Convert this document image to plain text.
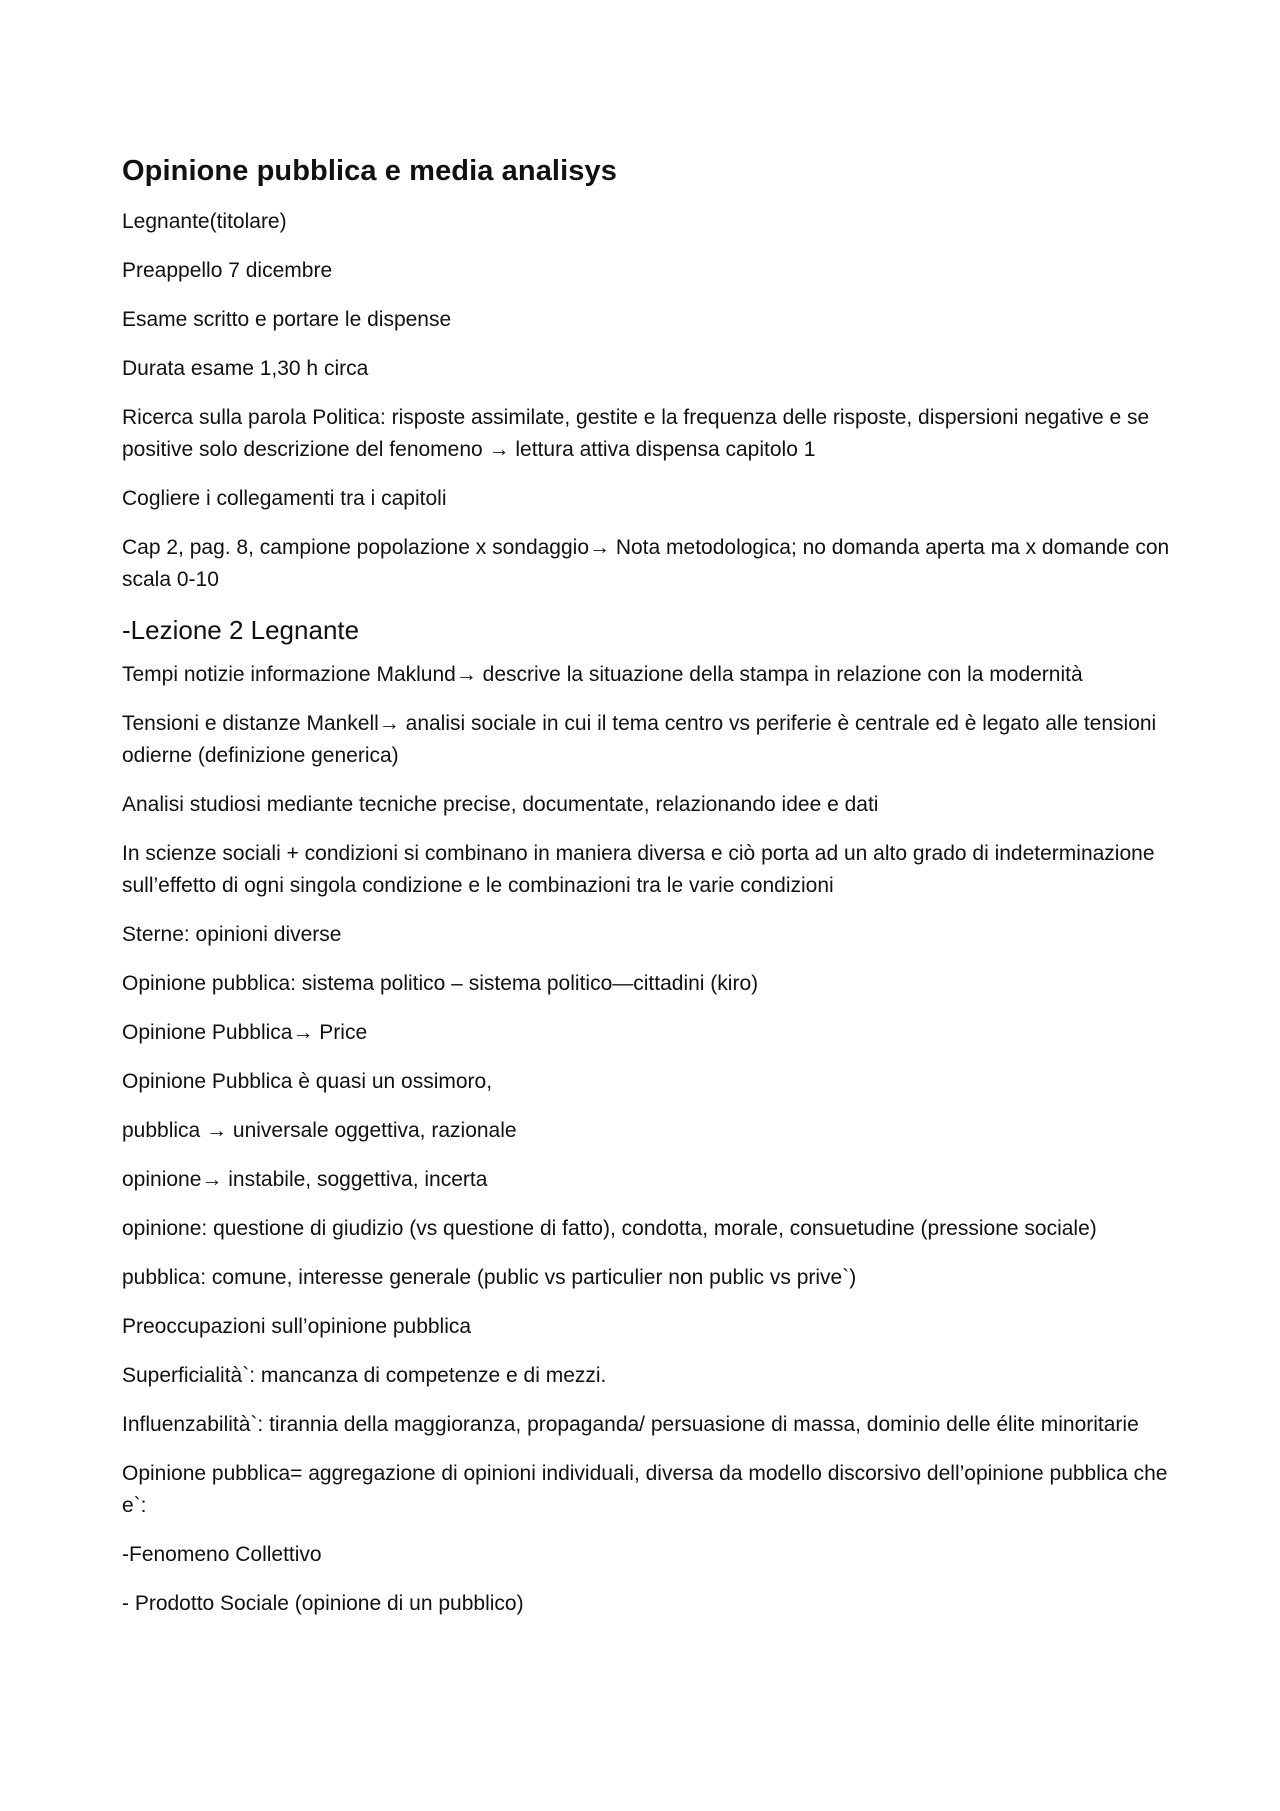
Opinione pubblica e media analisys

Legnante(titolare)

Preappello 7 dicembre

Esame scritto e portare le dispense

Durata esame 1,30 h circa

Ricerca sulla parola Politica: risposte assimilate, gestite e la frequenza delle risposte, dispersioni negative e se positive solo descrizione del fenomeno → lettura attiva dispensa capitolo 1

Cogliere i collegamenti tra i capitoli

Cap 2, pag. 8, campione popolazione x sondaggio→ Nota metodologica; no domanda aperta ma x domande con scala 0-10

-Lezione 2 Legnante

Tempi notizie informazione Maklund→ descrive la situazione della stampa in relazione con la modernità

Tensioni e distanze Mankell→ analisi sociale in cui il tema centro vs periferie è centrale ed è legato alle tensioni odierne (definizione generica)

Analisi studiosi mediante tecniche precise, documentate, relazionando idee e dati

In scienze sociali + condizioni si combinano in maniera diversa e ciò porta ad un alto grado di indeterminazione sull’effetto di ogni singola condizione e le combinazioni tra le varie condizioni

Sterne: opinioni diverse

Opinione pubblica: sistema politico – sistema politico—cittadini (kiro)

Opinione Pubblica→ Price

Opinione Pubblica è quasi un ossimoro,

pubblica → universale oggettiva, razionale

opinione→ instabile, soggettiva, incerta

opinione: questione di giudizio (vs questione di fatto), condotta, morale, consuetudine (pressione sociale)

pubblica: comune, interesse generale (public vs particulier non public vs prive`)

Preoccupazioni sull’opinione pubblica

Superficialità`: mancanza di competenze e di mezzi.

Influenzabilità`: tirannia della maggioranza, propaganda/ persuasione di massa, dominio delle élite minoritarie

Opinione pubblica= aggregazione di opinioni individuali, diversa da modello discorsivo dell’opinione pubblica che e`:

-Fenomeno Collettivo

- Prodotto Sociale (opinione di un pubblico)
